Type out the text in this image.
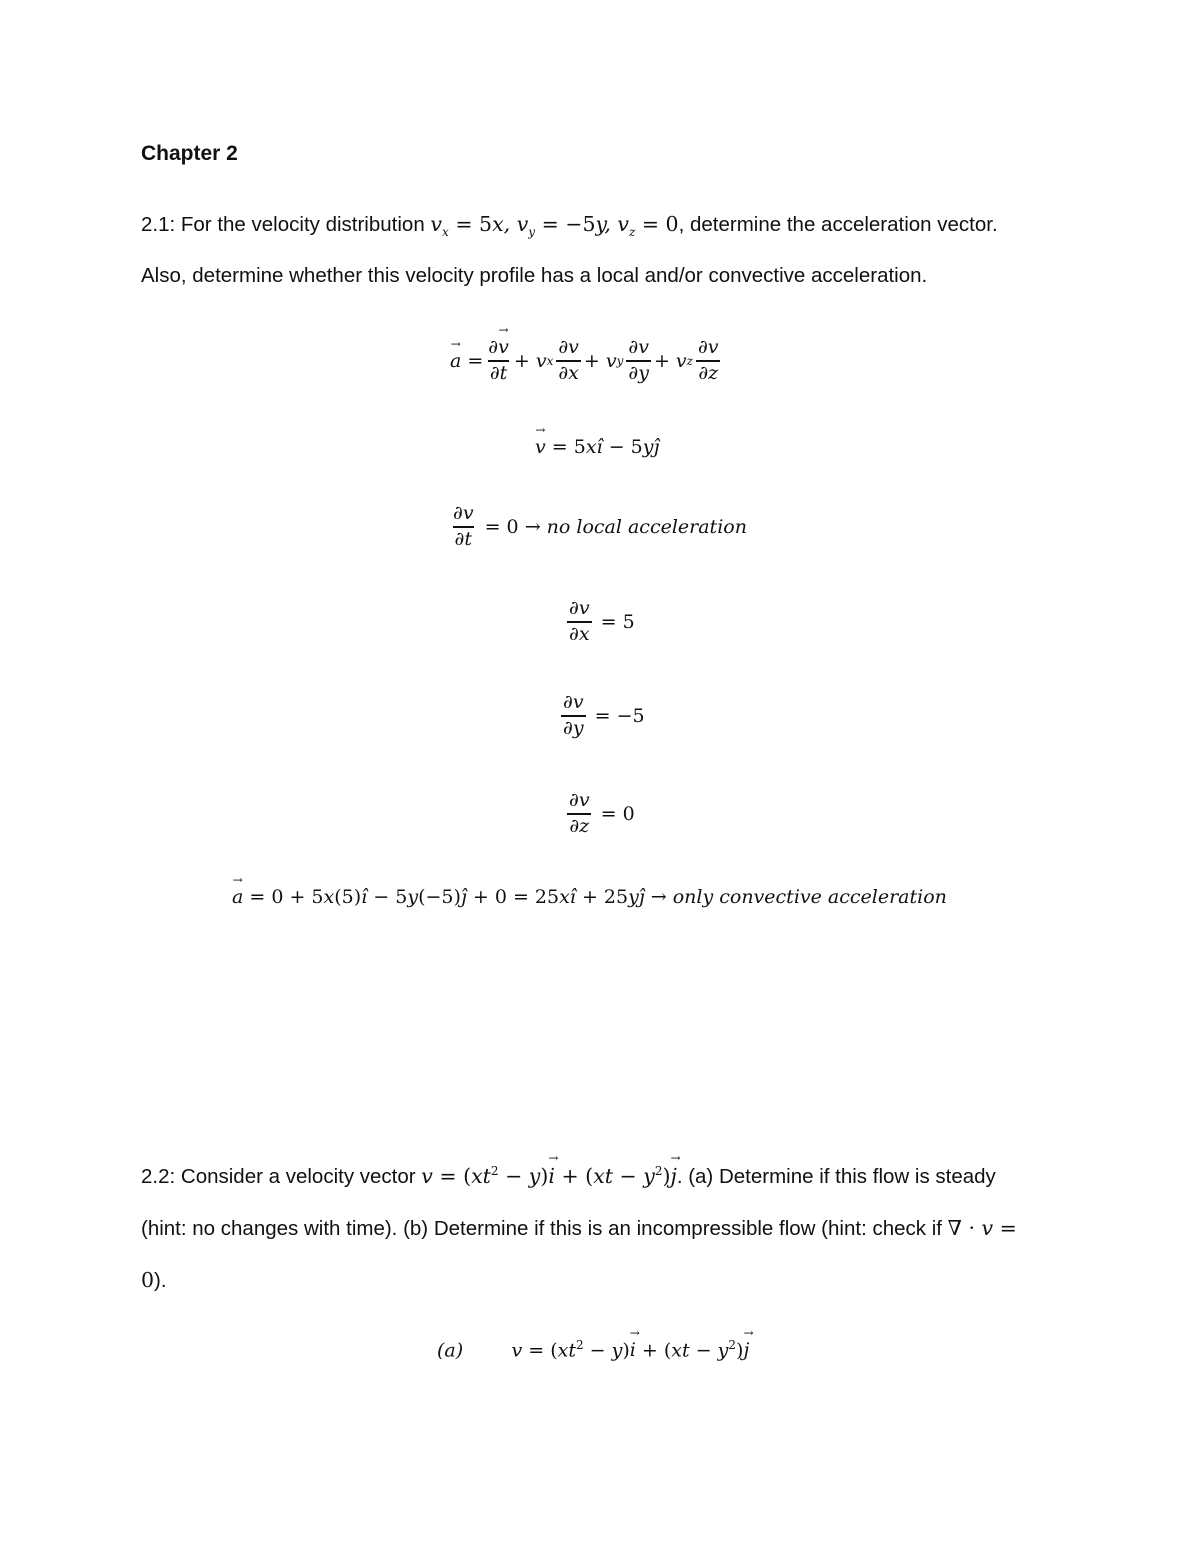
Chapter 2
2.1: For the velocity distribution $v_x = 5x$, $v_y = -5y$, $v_z = 0$, determine the acceleration vector.
Also, determine whether this velocity profile has a local and/or convective acceleration.
→ a
= $\frac{\partial\to v}{\partial t} + v$ x $\frac{\partial v}{\partial x} + v$ y $\frac{\partial v}{\partial y} + v$ z $\frac{\partial v}{\partial z}$
→ v = 5xî − 5yĵ
$\frac{\partial v}{\partial t} = 0$ →
no local acceleration
$\frac{\partial v}{\partial x} = 5$
$\frac{\partial v}{\partial y} = -5$
$\frac{\partial v}{\partial z} = 0$
→ a = 0 + 5x(5)î − 5y(−5)ĵ + 0 = 25xî + 25yĵ → only convective acceleration
2.2: Consider a velocity vector $v = (xt^2 - y)\to i + (xt - y^2)\to j$. (a) Determine if this flow is steady
(hint: no changes with time). (b) Determine if this is an incompressible flow (hint: check if ∇ · v =
0).
(a)        $v = (xt^2 - y)\to i + (xt - y^2)\to j$
